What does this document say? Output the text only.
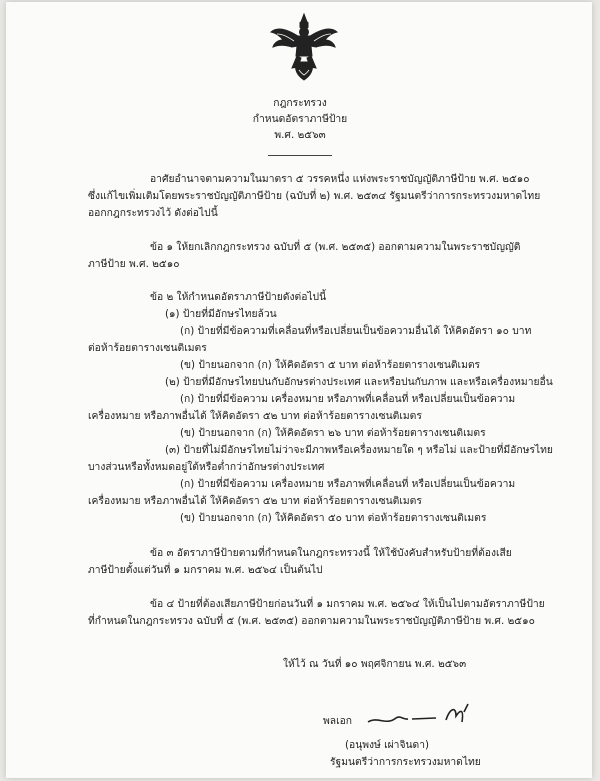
กฎกระทรวง
กำหนดอัตราภาษีป้าย
พ.ศ. ๒๕๖๓
อาศัยอำนาจตามความในมาตรา ๕ วรรคหนึ่ง แห่งพระราชบัญญัติภาษีป้าย พ.ศ. ๒๕๑๐
ซึ่งแก้ไขเพิ่มเติมโดยพระราชบัญญัติภาษีป้าย (ฉบับที่ ๒) พ.ศ. ๒๕๓๔ รัฐมนตรีว่าการกระทรวงมหาดไทย
ออกกฎกระทรวงไว้ ดังต่อไปนี้
ข้อ ๑ ให้ยกเลิกกฎกระทรวง ฉบับที่ ๕ (พ.ศ. ๒๕๓๕) ออกตามความในพระราชบัญญัติ
ภาษีป้าย พ.ศ. ๒๕๑๐
ข้อ ๒ ให้กำหนดอัตราภาษีป้ายดังต่อไปนี้
(๑) ป้ายที่มีอักษรไทยล้วน
(ก) ป้ายที่มีข้อความที่เคลื่อนที่หรือเปลี่ยนเป็นข้อความอื่นได้ ให้คิดอัตรา ๑๐ บาท
ต่อห้าร้อยตารางเซนติเมตร
(ข) ป้ายนอกจาก (ก) ให้คิดอัตรา ๕ บาท ต่อห้าร้อยตารางเซนติเมตร
(๒) ป้ายที่มีอักษรไทยปนกับอักษรต่างประเทศ และหรือปนกับภาพ และหรือเครื่องหมายอื่น
(ก) ป้ายที่มีข้อความ เครื่องหมาย หรือภาพที่เคลื่อนที่ หรือเปลี่ยนเป็นข้อความ
เครื่องหมาย หรือภาพอื่นได้ ให้คิดอัตรา ๕๒ บาท ต่อห้าร้อยตารางเซนติเมตร
(ข) ป้ายนอกจาก (ก) ให้คิดอัตรา ๒๖ บาท ต่อห้าร้อยตารางเซนติเมตร
(๓) ป้ายที่ไม่มีอักษรไทยไม่ว่าจะมีภาพหรือเครื่องหมายใด ๆ หรือไม่ และป้ายที่มีอักษรไทย
บางส่วนหรือทั้งหมดอยู่ใต้หรือต่ำกว่าอักษรต่างประเทศ
(ก) ป้ายที่มีข้อความ เครื่องหมาย หรือภาพที่เคลื่อนที่ หรือเปลี่ยนเป็นข้อความ
เครื่องหมาย หรือภาพอื่นได้ ให้คิดอัตรา ๕๒ บาท ต่อห้าร้อยตารางเซนติเมตร
(ข) ป้ายนอกจาก (ก) ให้คิดอัตรา ๕๐ บาท ต่อห้าร้อยตารางเซนติเมตร
ข้อ ๓ อัตราภาษีป้ายตามที่กำหนดในกฎกระทรวงนี้ ให้ใช้บังคับสำหรับป้ายที่ต้องเสีย
ภาษีป้ายตั้งแต่วันที่ ๑ มกราคม พ.ศ. ๒๕๖๔ เป็นต้นไป
ข้อ ๔ ป้ายที่ต้องเสียภาษีป้ายก่อนวันที่ ๑ มกราคม พ.ศ. ๒๕๖๔ ให้เป็นไปตามอัตราภาษีป้าย
ที่กำหนดในกฎกระทรวง ฉบับที่ ๕ (พ.ศ. ๒๕๓๕) ออกตามความในพระราชบัญญัติภาษีป้าย พ.ศ. ๒๕๑๐
ให้ไว้ ณ วันที่ ๑๐ พฤศจิกายน พ.ศ. ๒๕๖๓
พลเอก
(อนุพงษ์ เผ่าจินดา)
รัฐมนตรีว่าการกระทรวงมหาดไทย
